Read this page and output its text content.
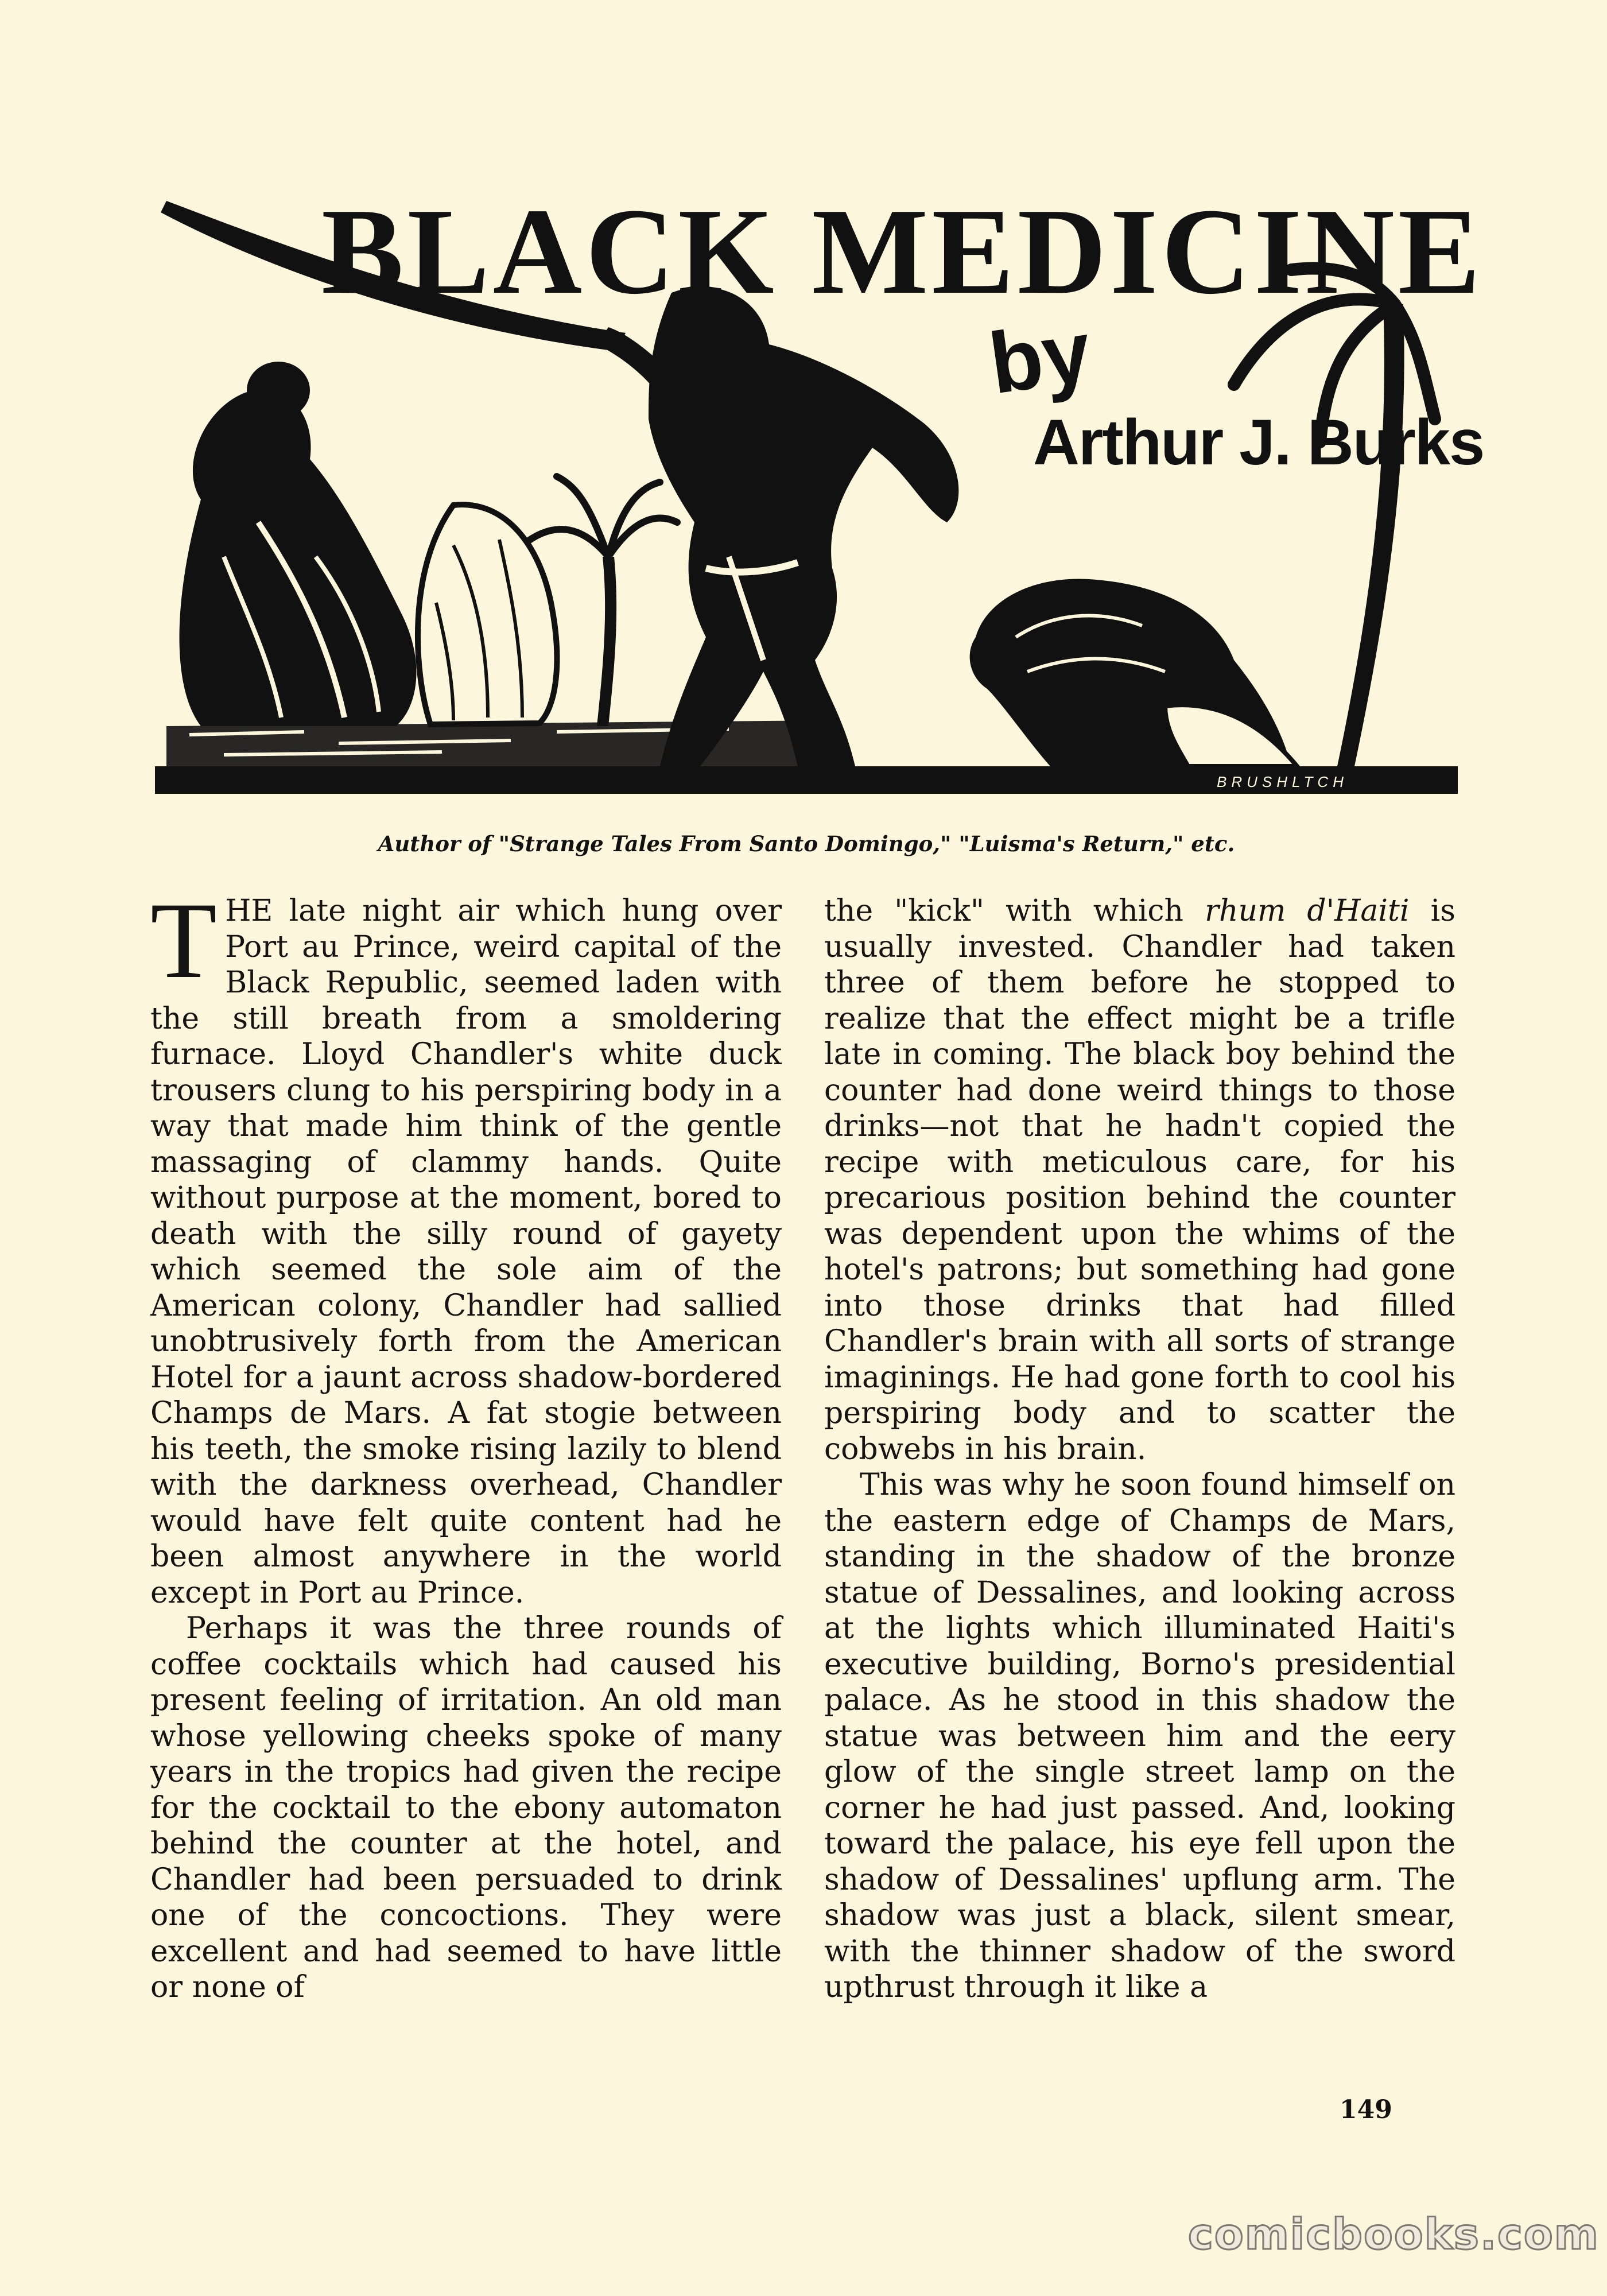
BLACK MEDICINE
by
Arthur J. Burks
BRUSHLTCH
Author of "Strange Tales From Santo Domingo," "Luisma's Return," etc.

THE late night air which hung over Port au Prince, weird capital of the Black Republic, seemed laden with the still breath from a smoldering furnace. Lloyd Chandler's white duck trousers clung to his perspiring body in a way that made him think of the gentle massaging of clammy hands. Quite without purpose at the moment, bored to death with the silly round of gayety which seemed the sole aim of the American colony, Chandler had sallied unobtrusively forth from the American Hotel for a jaunt across shadow-bordered Champs de Mars. A fat stogie between his teeth, the smoke rising lazily to blend with the darkness overhead, Chandler would have felt quite content had he been almost anywhere in the world except in Port au Prince.

Perhaps it was the three rounds of coffee cocktails which had caused his present feeling of irritation. An old man whose yellowing cheeks spoke of many years in the tropics had given the recipe for the cocktail to the ebony automaton behind the counter at the hotel, and Chandler had been persuaded to drink one of the concoctions. They were excellent and had seemed to have little or none of

the "kick" with which rhum d'Haiti is usually invested. Chandler had taken three of them before he stopped to realize that the effect might be a trifle late in coming. The black boy behind the counter had done weird things to those drinks—not that he hadn't copied the recipe with meticulous care, for his precarious position behind the counter was dependent upon the whims of the hotel's patrons; but something had gone into those drinks that had filled Chandler's brain with all sorts of strange imaginings. He had gone forth to cool his perspiring body and to scatter the cobwebs in his brain.

This was why he soon found himself on the eastern edge of Champs de Mars, standing in the shadow of the bronze statue of Dessalines, and looking across at the lights which illuminated Haiti's executive building, Borno's presidential palace. As he stood in this shadow the statue was between him and the eery glow of the single street lamp on the corner he had just passed. And, looking toward the palace, his eye fell upon the shadow of Dessalines' upflung arm. The shadow was just a black, silent smear, with the thinner shadow of the sword upthrust through it like a

149
comicbooks.com
